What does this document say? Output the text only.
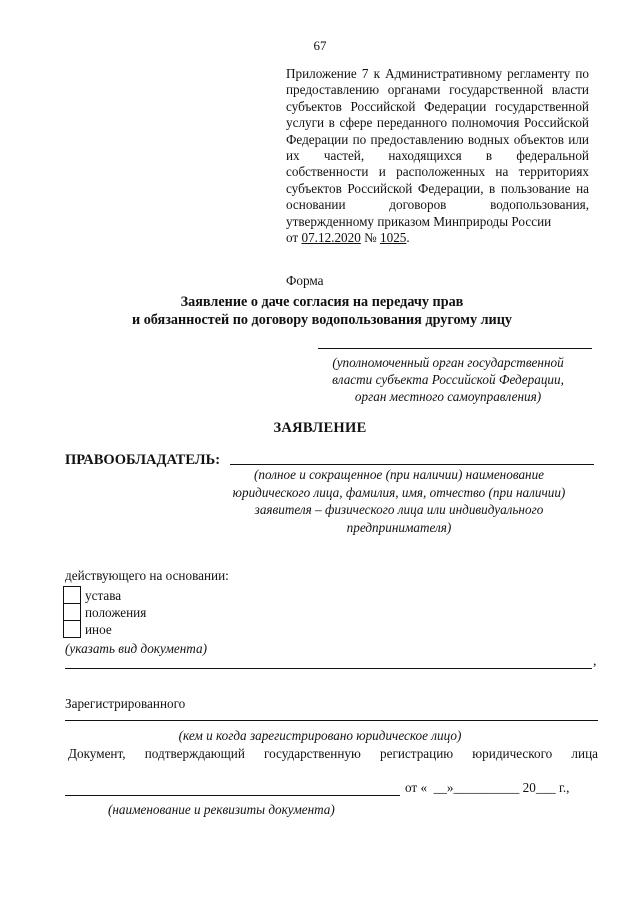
67

Приложение 7 к Административному регламенту по предоставлению органами государственной власти субъектов Российской Федерации государственной услуги в сфере переданного полномочия Российской Федерации по предоставлению водных объектов или их частей, находящихся в федеральной собственности и расположенных на территориях субъектов Российской Федерации, в пользование на основании договоров водопользования, утвержденному приказом Минприроды России

от 07.12.2020 № 1025.

Форма
Заявление о даче согласия на передачу прав
и обязанностей по договору водопользования другому лицу
(уполномоченный орган государственной
власти субъекта Российской Федерации,
орган местного самоуправления)
ЗАЯВЛЕНИЕ
ПРАВООБЛАДАТЕЛЬ:
(полное и сокращенное (при наличии) наименование
юридического лица, фамилия, имя, отчество (при наличии)
заявителя – физического лица или индивидуального
предпринимателя)
действующего на основании:
устава
положения
иное
(указать вид документа)
,
Зарегистрированного
(кем и когда зарегистрировано юридическое лицо)
Документ, подтверждающий государственную регистрацию юридического лица
от «  __»__________ 20___ г.,
(наименование и реквизиты документа)
